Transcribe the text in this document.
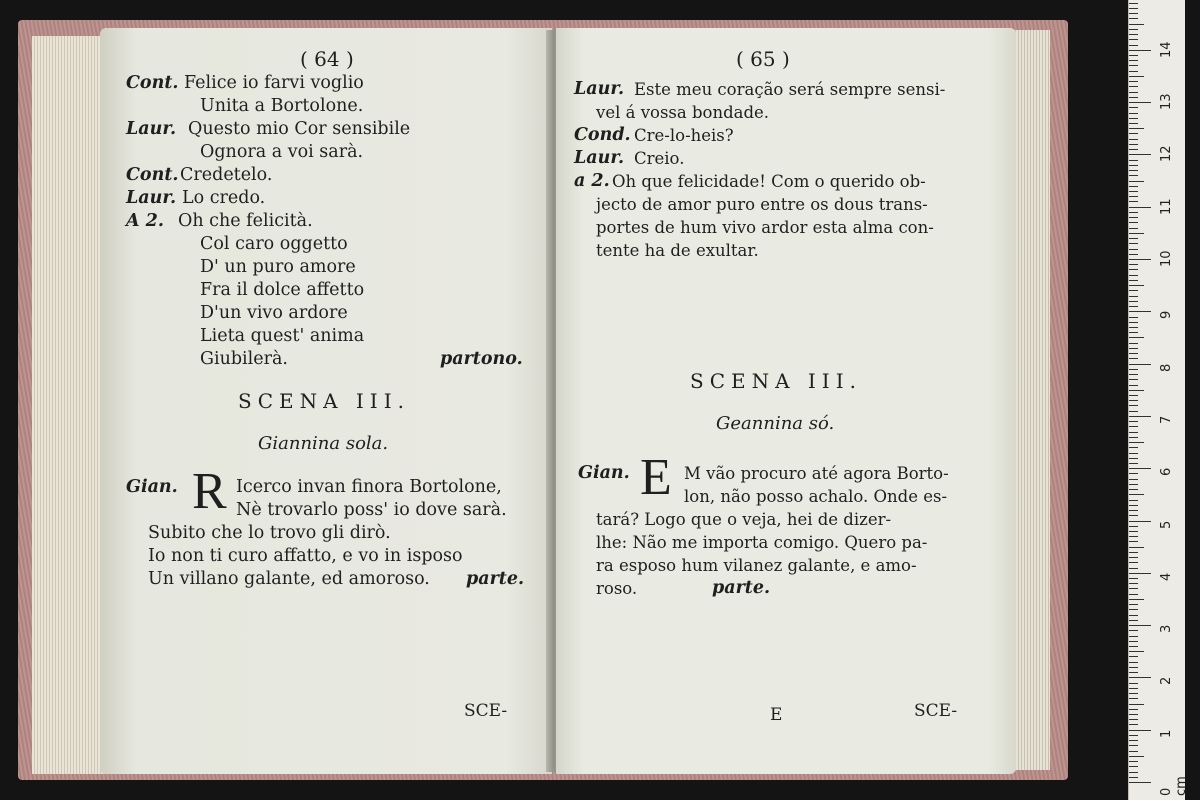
( 64 )
Cont. Felice io farvi voglio
Unita a Bortolone.
Laur. Questo mio Cor sensibile
Ognora a voi sarà.
Cont. Credetelo.
Laur. Lo credo.
A 2. Oh che felicità.
Col caro oggetto
D' un puro amore
Fra il dolce affetto
D'un vivo ardore
Lieta quest' anima
Giubilerà.	partono.
SCENA III.
Giannina sola.
Gian. R Icerco invan finora Bortolone,
Nè trovarlo poss' io dove sarà.
Subito che lo trovo gli dirò.
Io non ti curo affatto, e vo in isposo
Un villano galante, ed amoroso. parte.
SCE-
( 65 )
Laur. Este meu coração será sempre sensi-
vel á vossa bondade.
Cond. Cre-lo-heis?
Laur. Creio.
a 2. Oh que felicidade! Com o querido ob-
jecto de amor puro entre os dous trans-
portes de hum vivo ardor esta alma con-
tente ha de exultar.
SCENA III.
Geannina só.
Gian. E M vão procuro até agora Borto-
lon, não posso achalo. Onde es-
tará? Logo que o veja, hei de dizer-
lhe: Não me importa comigo. Quero pa-
ra esposo hum vilanez galante, e amo-
roso.	parte.
E	SCE-
0 cm
1
2
3
4
5
6
7
8
9
10
11
12
13
14
